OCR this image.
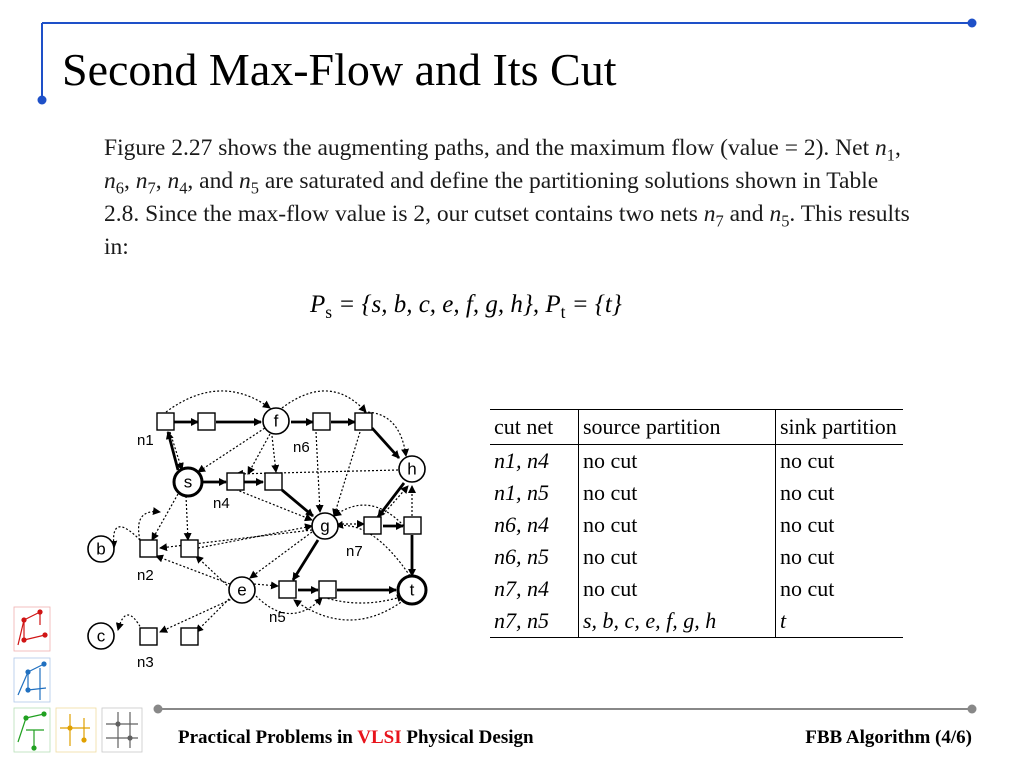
Second Max-Flow and Its Cut

Figure 2.27 shows the augmenting paths, and the maximum flow (value = 2). Net $n_1$, $n_6$, $n_7$, $n_4$, and $n_5$ are saturated and define the partitioning solutions shown in Table 2.8. Since the max-flow value is 2, our cutset contains two nets $n_7$ and $n_5$. This results in:

$P_s = \{s$, b, c, e, f, g, h}, $P_t = \{t\}$
f
s
h
g
b
e	t
c
n1	n6
n4
n7
n2
n5
n3
cut net	source partition	sink partition
n1, n4	no cut	no cut
n1, n5	no cut	no cut
n6, n4	no cut	no cut
n6, n5	no cut	no cut
n7, n4	no cut	no cut
n7, n5	s, b, c, e, f, g, h	t
Practical Problems in VLSI Physical Design	FBB Algorithm (4/6)
